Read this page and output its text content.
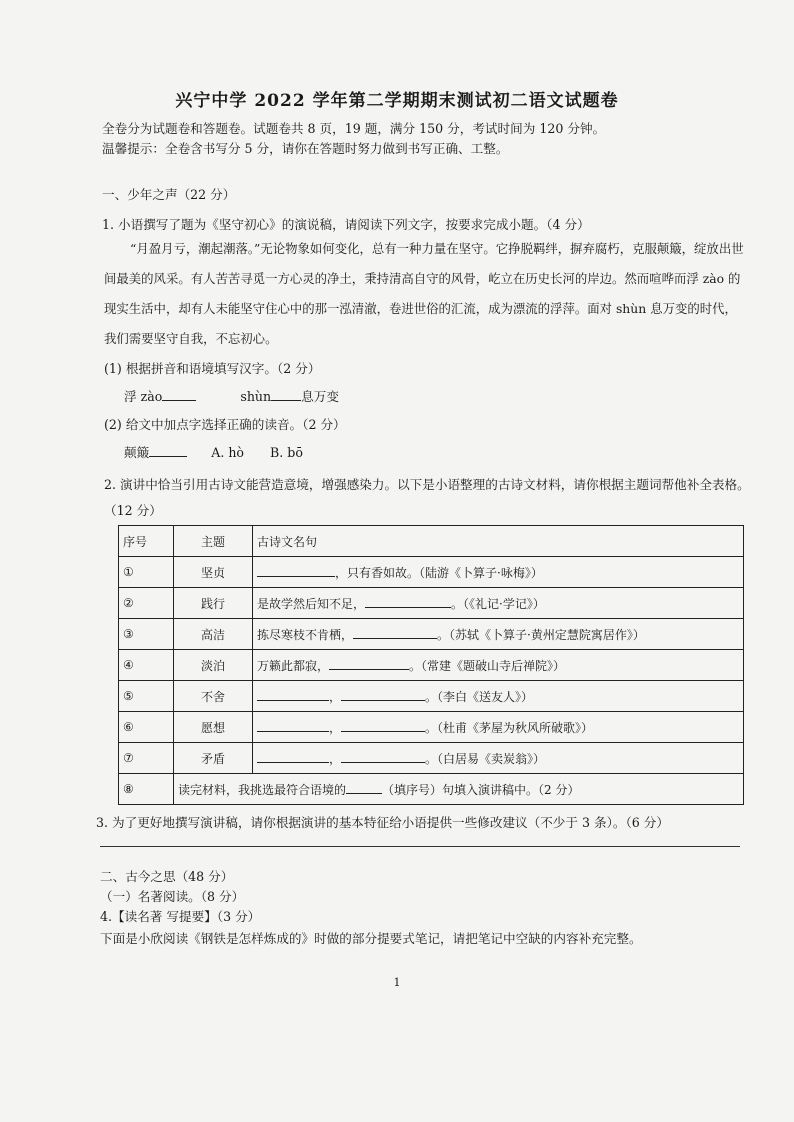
兴宁中学 2022 学年第二学期期末测试初二语文试题卷
全卷分为试题卷和答题卷。试题卷共 8 页，19 题，满分 150 分，考试时间为 120 分钟。
温馨提示：全卷含书写分 5 分，请你在答题时努力做到书写正确、工整。
一、少年之声（22 分）
1. 小语撰写了题为《坚守初心》的演说稿，请阅读下列文字，按要求完成小题。（4 分）
“月盈月亏，潮起潮落。”无论物象如何变化，总有一种力量在坚守。它挣脱羁绊，摒弃腐朽，克服颠簸，绽放出世间最美的风采。有人苦苦寻觅一方心灵的净土，秉持清高自守的风骨，屹立在历史长河的岸边。然而喧哗而浮 zào 的现实生活中，却有人未能坚守住心中的那一泓清澈，卷进世俗的汇流，成为漂流的浮萍。面对 shùn 息万变的时代，我们需要坚守自我，不忘初心。
(1) 根据拼音和语境填写汉字。（2 分）
浮 zào	shùn 息万变
(2) 给文中加点字选择正确的读音。（2 分）
颠簸	A. hò B. bō
2. 演讲中恰当引用古诗文能营造意境，增强感染力。以下是小语整理的古诗文材料，请你根据主题词帮他补全表格。
（12 分）
序号	主题	古诗文名句
①	坚贞	，只有香如故。（陆游《卜算子·咏梅》）
②	践行	是故学然后知不足， 。（《礼记·学记》）
③	高洁	拣尽寒枝不肯栖， 。（苏轼《卜算子·黄州定慧院寓居作》）
④	淡泊	万籁此都寂， 。（常建《题破山寺后禅院》）
⑤	不舍	， 。（李白《送友人》）
⑥	愿想	， 。（杜甫《茅屋为秋风所破歌》）
⑦	矛盾	， 。（白居易《卖炭翁》）
⑧	读完材料，我挑选最符合语境的 （填序号）句填入演讲稿中。（2 分）	
3. 为了更好地撰写演讲稿，请你根据演讲的基本特征给小语提供一些修改建议（不少于 3 条）。（6 分）
二、古今之思（48 分）
（一）名著阅读。（8 分）
4.【读名著 写提要】（3 分）
下面是小欣阅读《钢铁是怎样炼成的》时做的部分提要式笔记，请把笔记中空缺的内容补充完整。
1
